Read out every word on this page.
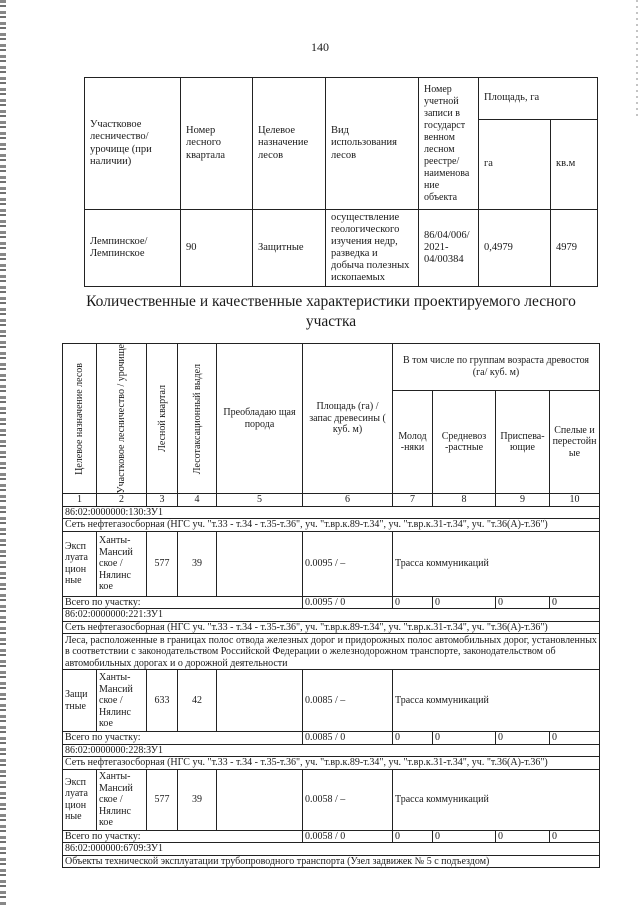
140
Участковое лесничество/ урочище (при наличии)	Номер лесного квартала	Целевое назначение лесов	Вид использования лесов	Номер учетной записи в государст венном лесном реестре/ наименова ние объекта	Площадь, га	
					га	кв.м
Лемпинское/ Лемпинское	90	Защитные	осуществление геологического изучения недр, разведка и добыча полезных ископаемых	86/04/006/ 2021- 04/00384	0,4979	4979
Количественные и качественные характеристики проектируемого лесного участка
Целевое назначение лесов	Участковое лесничество / урочище	Лесной квартал	Лесотаксационный выдел	Преобладаю щая порода	Площадь (га) / запас древесины ( куб. м)	В том числе по группам возраста древостоя (га/ куб. м)			
						Молод -няки	Средневоз -растные	Приспева- ющие	Спелые и перестойн ые
1	2	3	4	5	6	7	8	9	10
86:02:0000000:130:ЗУ1									
Сеть нефтегазосборная (НГС уч. "т.33 - т.34 - т.35-т.36", уч. "т.вр.к.89-т.34", уч. "т.вр.к.31-т.34", уч. "т.36(А)-т.36")									
Эксп луата цион ные	Ханты- Мансий ское / Нялинс кое	577	39		0.0095 / –	Трасса коммуникаций			
Всего по участку:					0.0095 / 0	0	0	0	0
86:02:0000000:221:ЗУ1									
Сеть нефтегазосборная (НГС уч. "т.33 - т.34 - т.35-т.36", уч. "т.вр.к.89-т.34", уч. "т.вр.к.31-т.34", уч. "т.36(А)-т.36")									
Леса, расположенные в границах полос отвода железных дорог и придорожных полос автомобильных дорог, установленных в соответствии с законодательством Российской Федерации о железнодорожном транспорте, законодательством об автомобильных дорогах и о дорожной деятельности									
Защи тные	Ханты- Мансий ское / Нялинс кое	633	42		0.0085 / –	Трасса коммуникаций			
Всего по участку:					0.0085 / 0	0	0	0	0
86:02:0000000:228:ЗУ1									
Сеть нефтегазосборная (НГС уч. "т.33 - т.34 - т.35-т.36", уч. "т.вр.к.89-т.34", уч. "т.вр.к.31-т.34", уч. "т.36(А)-т.36")									
Эксп луата цион ные	Ханты- Мансий ское / Нялинс кое	577	39		0.0058 / –	Трасса коммуникаций			
Всего по участку:					0.0058 / 0	0	0	0	0
86:02:000000:6709:ЗУ1									
Объекты технической эксплуатации трубопроводного транспорта (Узел задвижек № 5 с подъездом)									
